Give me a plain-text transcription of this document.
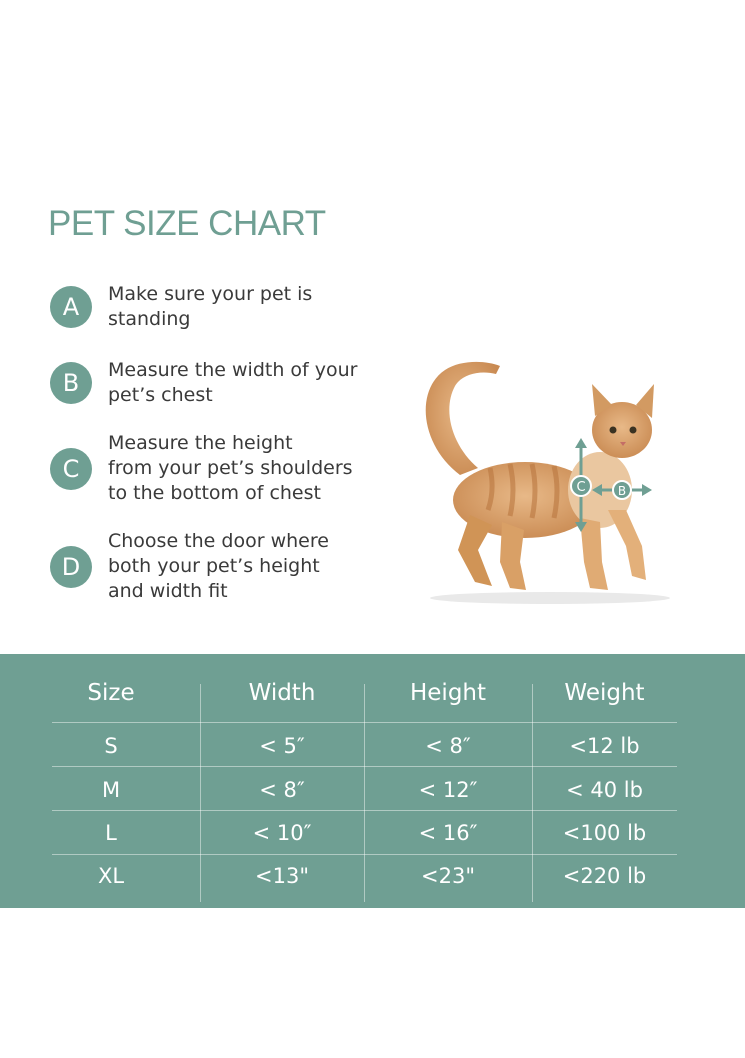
PET SIZE CHART
A	Make sure your pet is
standing
B	Measure the width of your
pet’s chest
C
Measure the height
from your pet’s shoulders
to the bottom of chest
D
Choose the door where
both your pet’s height
and width fit
C	B
Size	Width	Height	Weight
S	< 5″	< 8″	<12 lb
M	< 8″	< 12″	< 40 lb
L	< 10″	< 16″	<100 lb
XL	<13"	<23"	<220 lb
